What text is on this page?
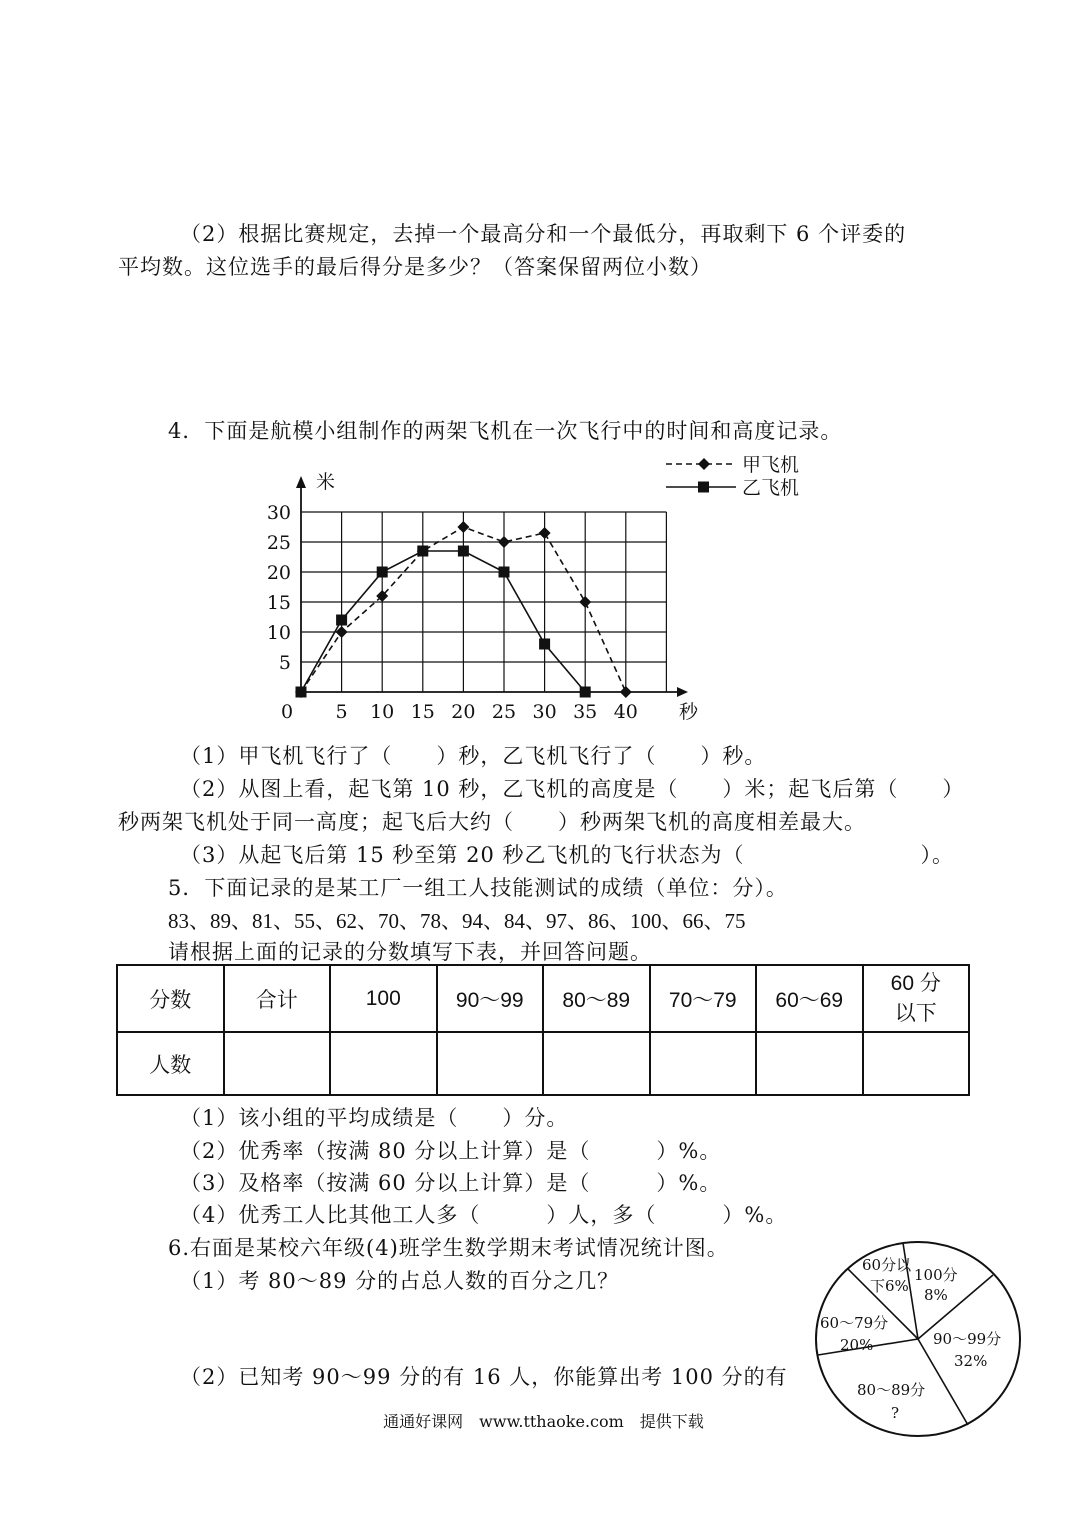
（2）根据比赛规定，去掉一个最高分和一个最低分，再取剩下 6 个评委的
平均数。这位选手的最后得分是多少？（答案保留两位小数）
4．下面是航模小组制作的两架飞机在一次飞行中的时间和高度记录。
0 5 10 15 20 25 30 35 40
5
10
15
20
25
30
米
秒
甲飞机
乙飞机
（1）甲飞机飞行了（　　）秒，乙飞机飞行了（　　）秒。
（2）从图上看，起飞第 10 秒，乙飞机的高度是（　　）米；起飞后第（　　）
秒两架飞机处于同一高度；起飞后大约（　　）秒两架飞机的高度相差最大。
（3）从起飞后第 15 秒至第 20 秒乙飞机的飞行状态为（　　　　　　　　）。
5．下面记录的是某工厂一组工人技能测试的成绩（单位：分）。
83、89、81、55、62、70、78、94、84、97、86、100、66、75
请根据上面的记录的分数填写下表，并回答问题。
分数	合计	100	90～99	80～89	70～79	60～69	60 分
以下
人数							
（1）该小组的平均成绩是（　　）分。
（2）优秀率（按满 80 分以上计算）是（　　　）%。
（3）及格率（按满 60 分以上计算）是（　　　）%。
（4）优秀工人比其他工人多（　　　）人，多（　　　）%。
6.右面是某校六年级(4)班学生数学期末考试情况统计图。
（1）考 80～89 分的占总人数的百分之几？
（2）已知考 90～99 分的有 16 人，你能算出考 100 分的有
60分以
下6%
100分
8%
90～99分
32%
80～89分
?
60～79分
20%
通通好课网　www.tthaoke.com　提供下载
